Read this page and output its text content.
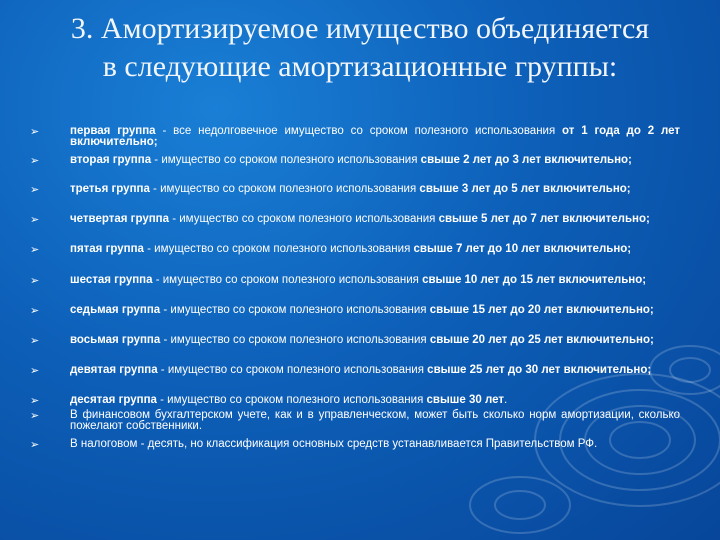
3. Амортизируемое имущество объединяется
в следующие амортизационные группы:
➢	первая группа - все недолговечное имущество со сроком полезного использования от 1 года до 2 лет включительно;
➢	вторая группа - имущество со сроком полезного использования свыше 2 лет до 3 лет включительно;
➢	третья группа - имущество со сроком полезного использования свыше 3 лет до 5 лет включительно;
➢	четвертая группа - имущество со сроком полезного использования свыше 5 лет до 7 лет включительно;
➢	пятая группа - имущество со сроком полезного использования свыше 7 лет до 10 лет включительно;
➢	шестая группа - имущество со сроком полезного использования свыше 10 лет до 15 лет включительно;
➢	седьмая группа - имущество со сроком полезного использования свыше 15 лет до 20 лет включительно;
➢	восьмая группа - имущество со сроком полезного использования свыше 20 лет до 25 лет включительно;
➢	девятая группа - имущество со сроком полезного использования свыше 25 лет до 30 лет включительно;
➢	десятая группа - имущество со сроком полезного использования свыше 30 лет.
➢	В финансовом бухгалтерском учете, как и в управленческом, может быть сколько норм амортизации, сколько пожелают собственники.
➢	В налоговом - десять, но классификация основных средств устанавливается Правительством РФ.
